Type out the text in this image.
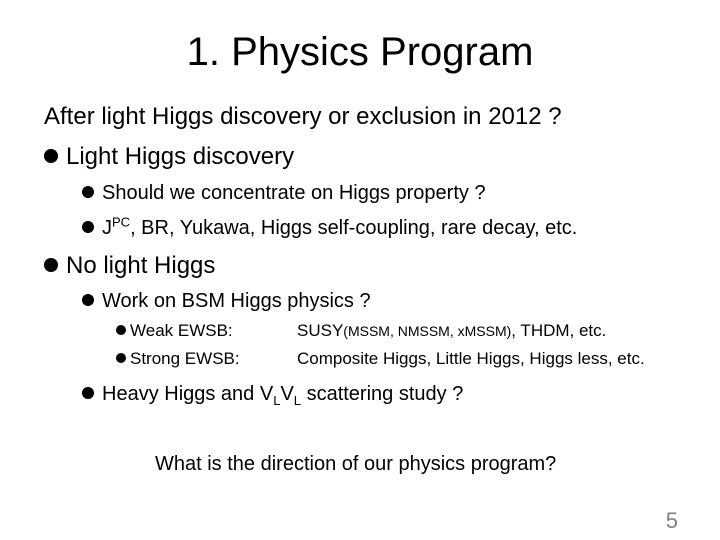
1. Physics Program
After light Higgs discovery or exclusion in 2012 ?
Light Higgs discovery
Should we concentrate on Higgs property ?
$J^{PC}$, BR, Yukawa, Higgs self-coupling, rare decay, etc.
No light Higgs
Work on BSM Higgs physics ?
Weak EWSB:	SUSY(MSSM, NMSSM, xMSSM), THDM, etc.
Strong EWSB:	Composite Higgs, Little Higgs, Higgs less, etc.
Heavy Higgs and $V_LV_L$ scattering study ?
What is the direction of our physics program?
5
